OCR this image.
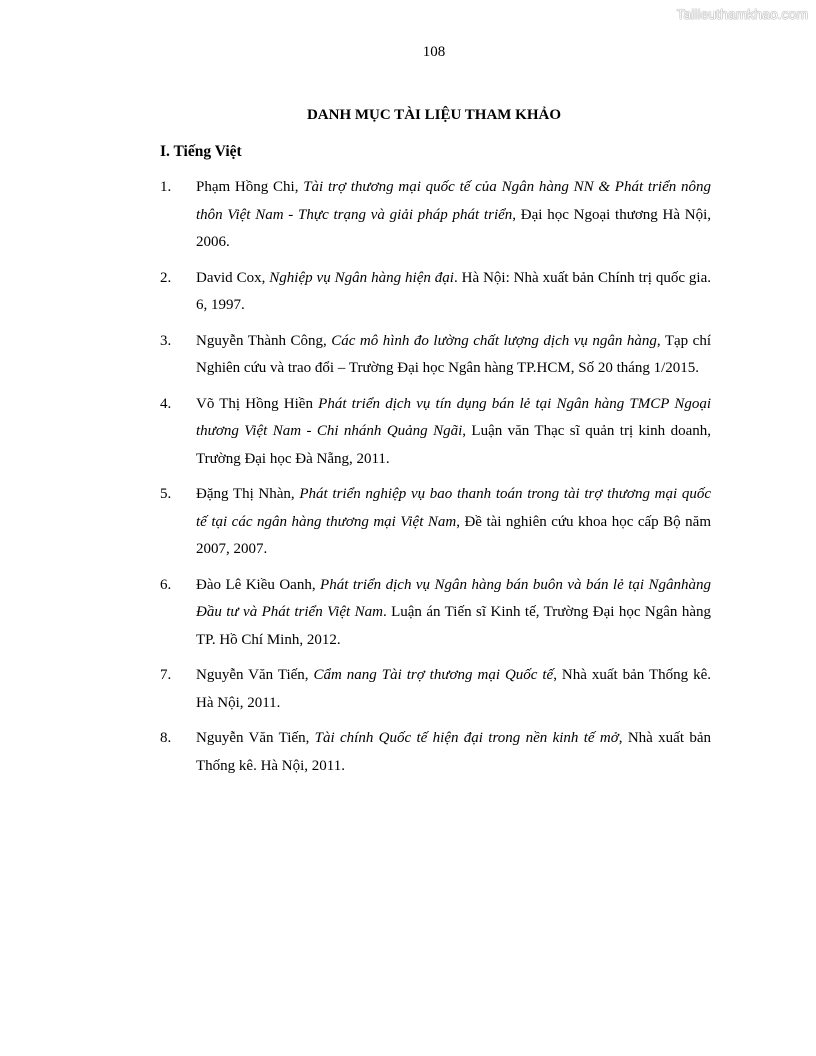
Tailieuthamkhao.com
108
DANH MỤC TÀI LIỆU THAM KHẢO
I. Tiếng Việt
1. Phạm Hồng Chi, Tài trợ thương mại quốc tế của Ngân hàng NN & Phát triển nông thôn Việt Nam - Thực trạng và giải pháp phát triển, Đại học Ngoại thương Hà Nội, 2006.
2. David Cox, Nghiệp vụ Ngân hàng hiện đại. Hà Nội: Nhà xuất bản Chính trị quốc gia. 6, 1997.
3. Nguyễn Thành Công, Các mô hình đo lường chất lượng dịch vụ ngân hàng, Tạp chí Nghiên cứu và trao đổi – Trường Đại học Ngân hàng TP.HCM, Số 20 tháng 1/2015.
4. Võ Thị Hồng Hiền Phát triển dịch vụ tín dụng bán lẻ tại Ngân hàng TMCP Ngoại thương Việt Nam - Chi nhánh Quảng Ngãi, Luận văn Thạc sĩ quản trị kinh doanh, Trường Đại học Đà Nẵng, 2011.
5. Đặng Thị Nhàn, Phát triển nghiệp vụ bao thanh toán trong tài trợ thương mại quốc tế tại các ngân hàng thương mại Việt Nam, Đề tài nghiên cứu khoa học cấp Bộ năm 2007, 2007.
6. Đào Lê Kiều Oanh, Phát triển dịch vụ Ngân hàng bán buôn và bán lẻ tại Ngânhàng Đầu tư và Phát triển Việt Nam. Luận án Tiến sĩ Kinh tế, Trường Đại học Ngân hàng TP. Hồ Chí Minh, 2012.
7. Nguyễn Văn Tiến, Cẩm nang Tài trợ thương mại Quốc tế, Nhà xuất bản Thống kê. Hà Nội, 2011.
8. Nguyễn Văn Tiến, Tài chính Quốc tế hiện đại trong nền kinh tế mở, Nhà xuất bản Thống kê. Hà Nội, 2011.
